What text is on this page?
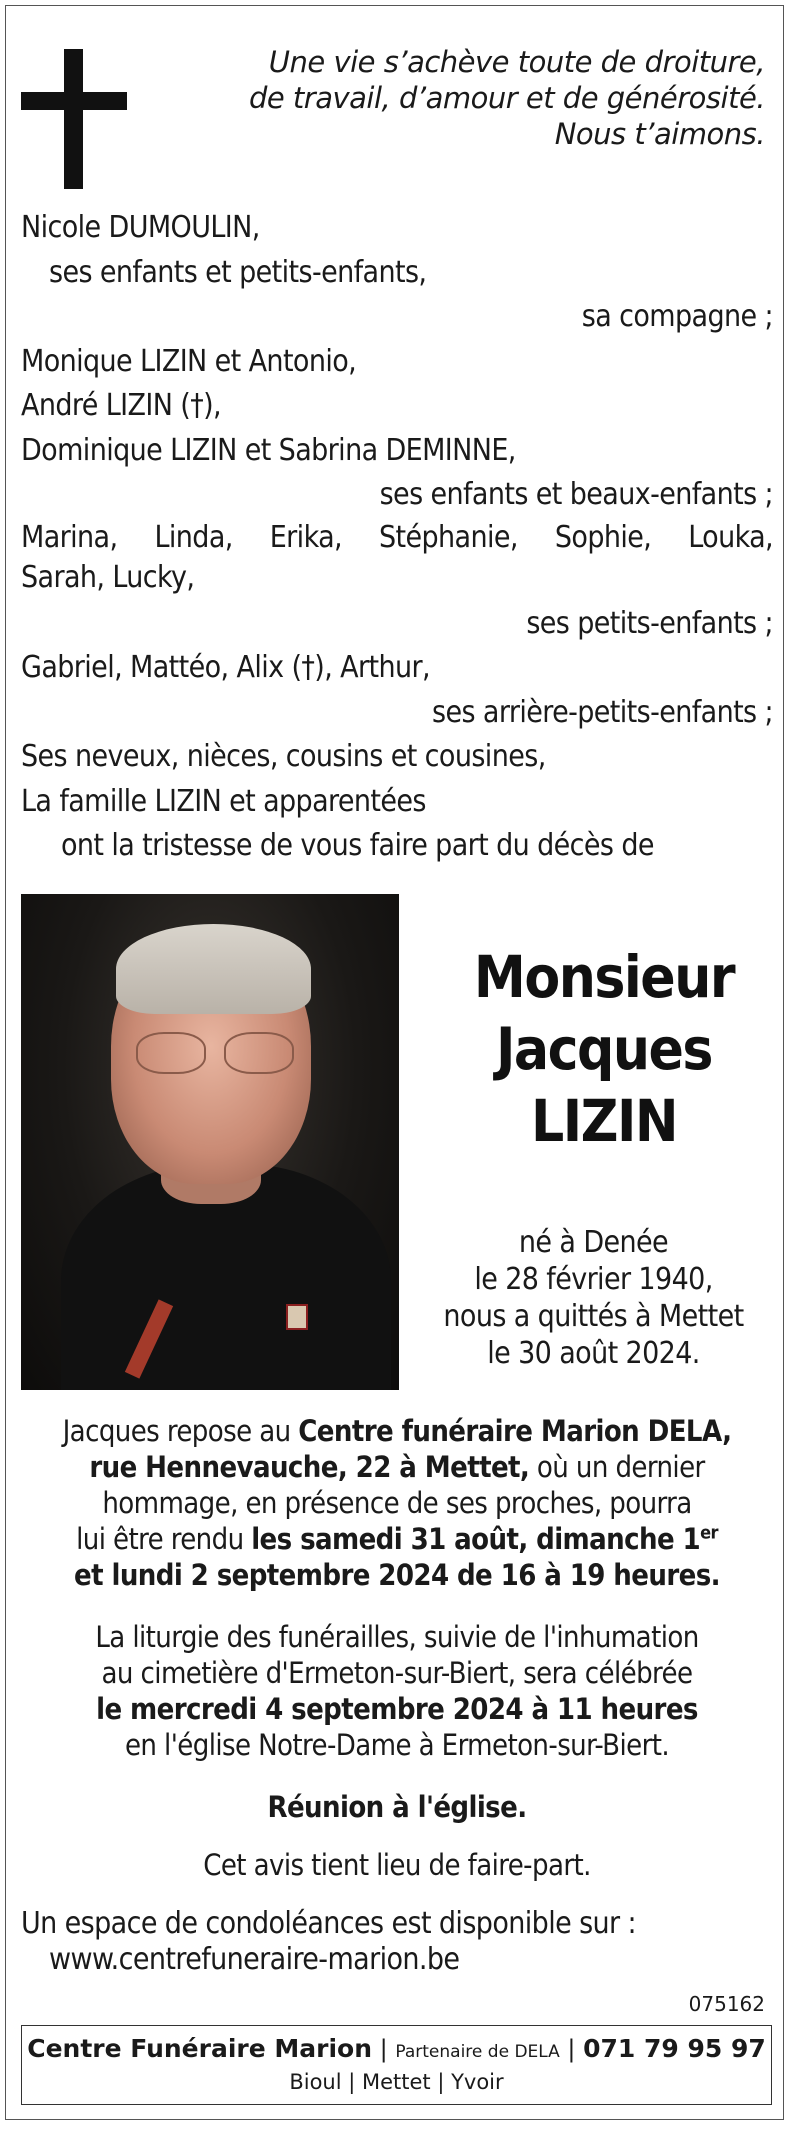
Une vie s’achève toute de droiture,
de travail, d’amour et de générosité.
Nous t’aimons.

Nicole DUMOULIN,

ses enfants et petits-enfants,

sa compagne ;

Monique LIZIN et Antonio,

André LIZIN (†),

Dominique LIZIN et Sabrina DEMINNE,

ses enfants et beaux-enfants ;

Marina, Linda, Erika, Stéphanie, Sophie, Louka,

Sarah, Lucky,

ses petits-enfants ;

Gabriel, Mattéo, Alix (†), Arthur,

ses arrière-petits-enfants ;

Ses neveux, nièces, cousins et cousines,

La famille LIZIN et apparentées

ont la tristesse de vous faire part du décès de

Monsieur
Jacques
LIZIN

né à Denée

le 28 février 1940,

nous a quittés à Mettet

le 30 août 2024.

Jacques repose au Centre funéraire Marion DELA,

rue Hennevauche, 22 à Mettet, où un dernier

hommage, en présence de ses proches, pourra

lui être rendu les samedi 31 août, dimanche 1er

et lundi 2 septembre 2024 de 16 à 19 heures.

La liturgie des funérailles, suivie de l'inhumation

au cimetière d'Ermeton-sur-Biert, sera célébrée

le mercredi 4 septembre 2024 à 11 heures

en l'église Notre-Dame à Ermeton-sur-Biert.

Réunion à l'église.

Cet avis tient lieu de faire-part.

Un espace de condoléances est disponible sur :

www.centrefuneraire-marion.be

075162
Centre Funéraire Marion | Partenaire de DELA | 071 79 95 97
Bioul | Mettet | Yvoir
